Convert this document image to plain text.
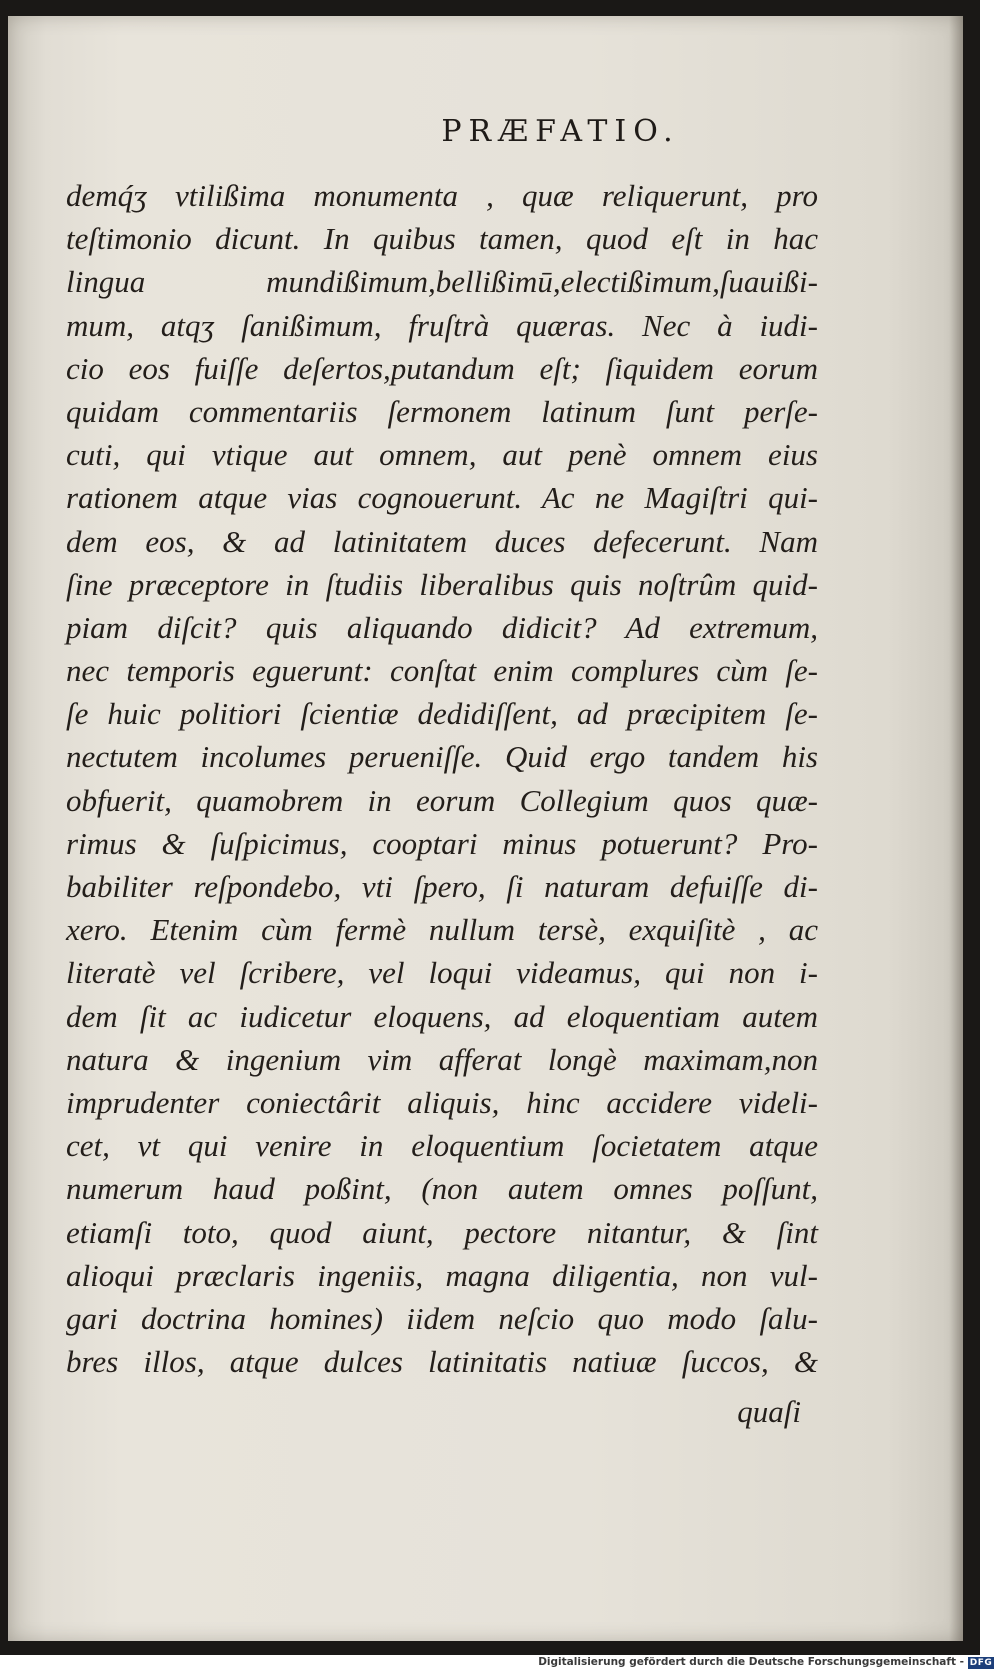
PRÆFATIO.
demq́ʒ vtilißima monumenta , quæ reliquerunt, pro
teſtimonio dicunt. In quibus tamen, quod eſt in hac
lingua mundißimum,bellißimū,electißimum,ſuauißi-
mum, atqʒ ſanißimum, fruſtrà quæras. Nec à iudi-
cio eos fuiſſe deſertos,putandum eſt; ſiquidem eorum
quidam commentariis ſermonem latinum ſunt perſe-
cuti, qui vtique aut omnem, aut penè omnem eius
rationem atque vias cognouerunt. Ac ne Magiſtri qui-
dem eos, & ad latinitatem duces defecerunt. Nam
ſine præceptore in ſtudiis liberalibus quis noſtrûm quid-
piam diſcit? quis aliquando didicit? Ad extremum,
nec temporis eguerunt: conſtat enim complures cùm ſe-
ſe huic politiori ſcientiæ dedidiſſent, ad præcipitem ſe-
nectutem incolumes perueniſſe. Quid ergo tandem his
obfuerit, quamobrem in eorum Collegium quos quæ-
rimus & ſuſpicimus, cooptari minus potuerunt? Pro-
babiliter reſpondebo, vti ſpero, ſi naturam defuiſſe di-
xero. Etenim cùm fermè nullum tersè, exquiſitè , ac
literatè vel ſcribere, vel loqui videamus, qui non i-
dem ſit ac iudicetur eloquens, ad eloquentiam autem
natura & ingenium vim afferat longè maximam,non
imprudenter coniectârit aliquis, hinc accidere videli-
cet, vt qui venire in eloquentium ſocietatem atque
numerum haud poßint, (non autem omnes poſſunt,
etiamſi toto, quod aiunt, pectore nitantur, & ſint
alioqui præclaris ingeniis, magna diligentia, non vul-
gari doctrina homines) iidem neſcio quo modo ſalu-
bres illos, atque dulces latinitatis natiuæ ſuccos, &
quaſi
Digitalisierung gefördert durch die Deutsche Forschungsgemeinschaft - DFG
